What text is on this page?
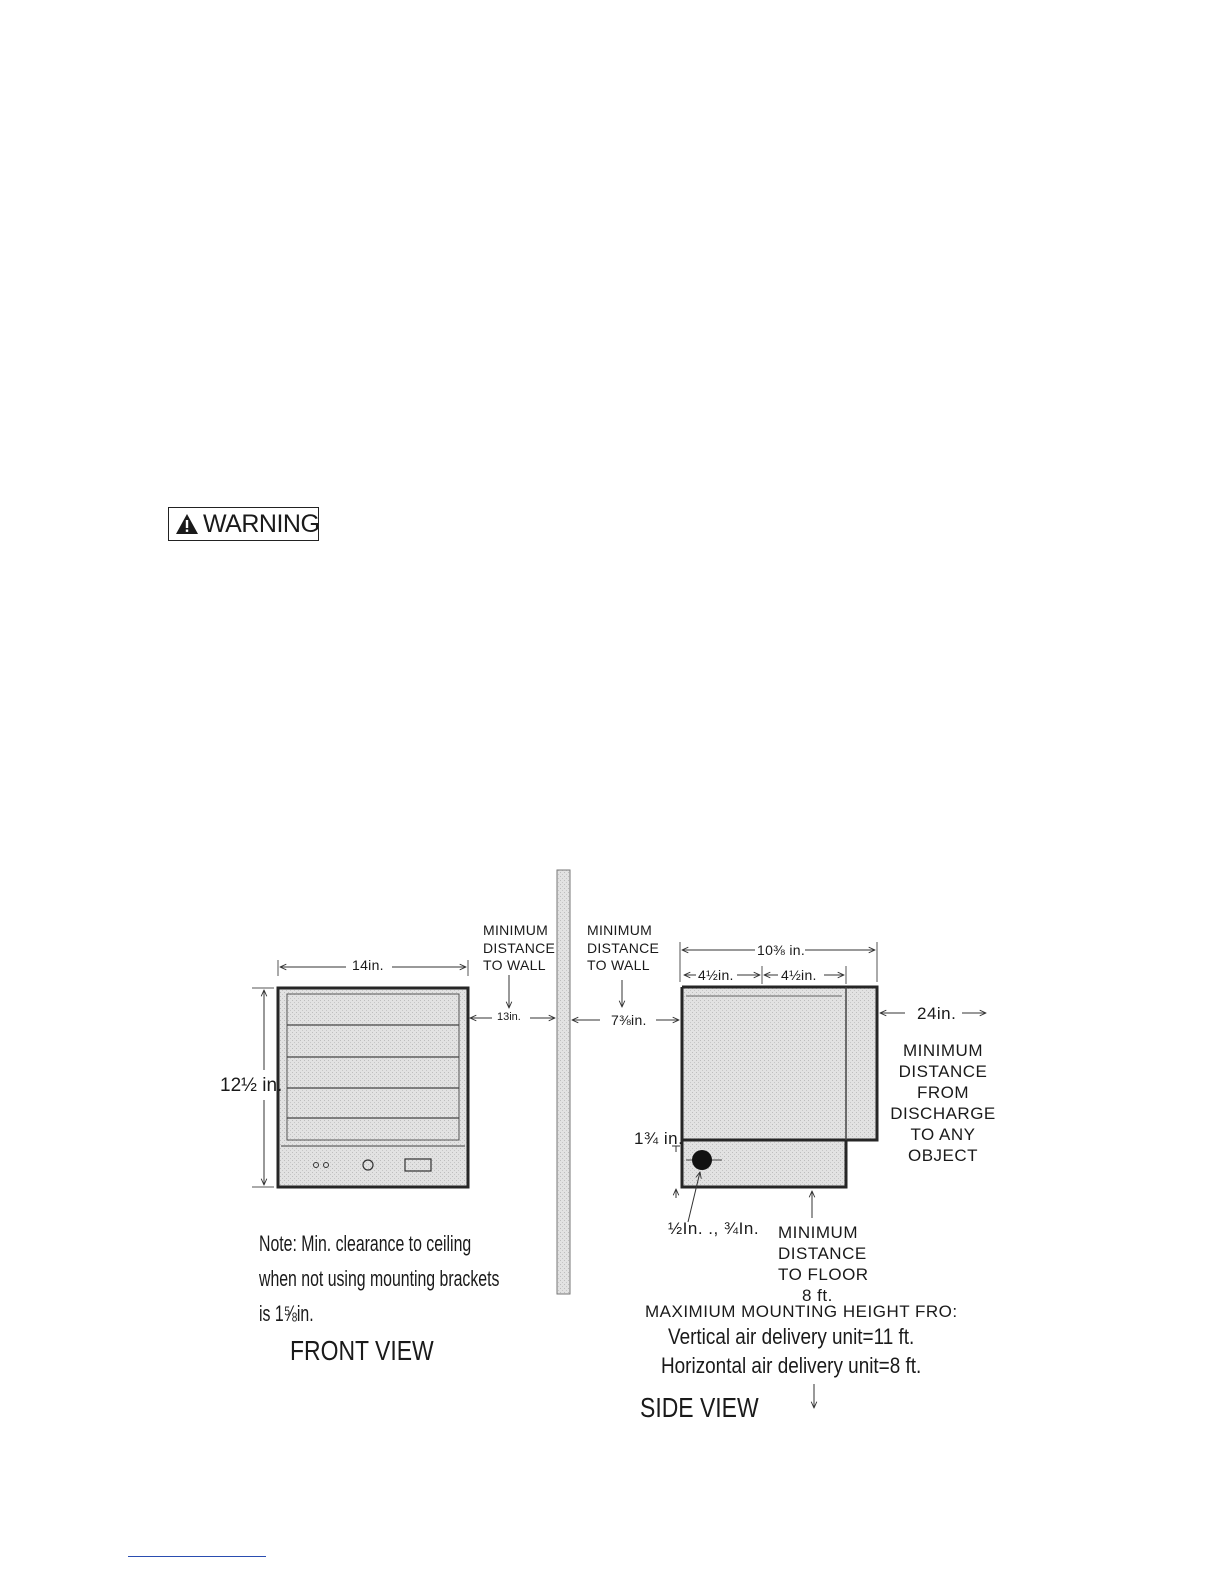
WARNING
14in.
12½ in.
MINIMUM
DISTANCE
TO WALL
13in.
Note: Min. clearance to ceiling
when not using mounting brackets
is 1⅝in.
FRONT VIEW
MINIMUM
DISTANCE
TO WALL
7⅜in.
10⅜ in.
4½in.	4½in.
24in.
MINIMUM
DISTANCE
FROM
DISCHARGE
TO ANY
OBJECT
1¾ in.
½In. ., ¾In. MINIMUM
DISTANCE
TO FLOOR
8 ft.
MAXIMIUM MOUNTING HEIGHT FRO:
Vertical air delivery unit=11 ft.
Horizontal air delivery unit=8 ft.
SIDE VIEW
